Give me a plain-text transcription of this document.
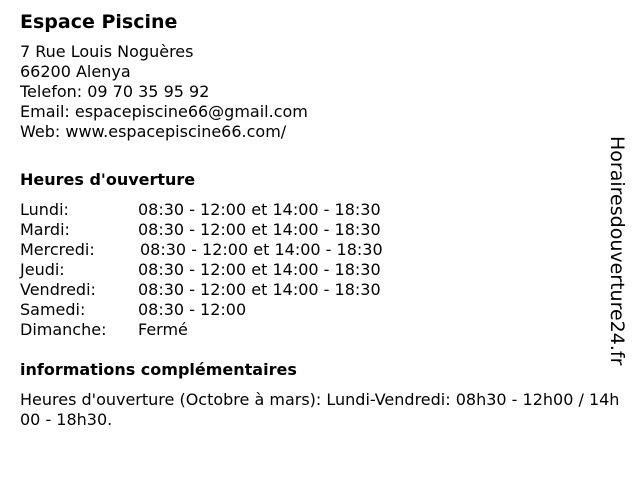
Espace Piscine
7 Rue Louis Noguères
66200 Alenya
Telefon: 09 70 35 95 92
Email: espacepiscine66@gmail.com
Web: www.espacepiscine66.com/
Heures d'ouverture
Lundi:	08:30 - 12:00 et 14:00 - 18:30
Mardi:	08:30 - 12:00 et 14:00 - 18:30
Mercredi:	08:30 - 12:00 et 14:00 - 18:30
Jeudi:	08:30 - 12:00 et 14:00 - 18:30
Vendredi:	08:30 - 12:00 et 14:00 - 18:30
Samedi:	08:30 - 12:00
Dimanche: Fermé
informations complémentaires
Heures d'ouverture (Octobre à mars): Lundi-Vendredi: 08h30 - 12h00 / 14h00 - 18h30.
Horairesdouverture24.fr
